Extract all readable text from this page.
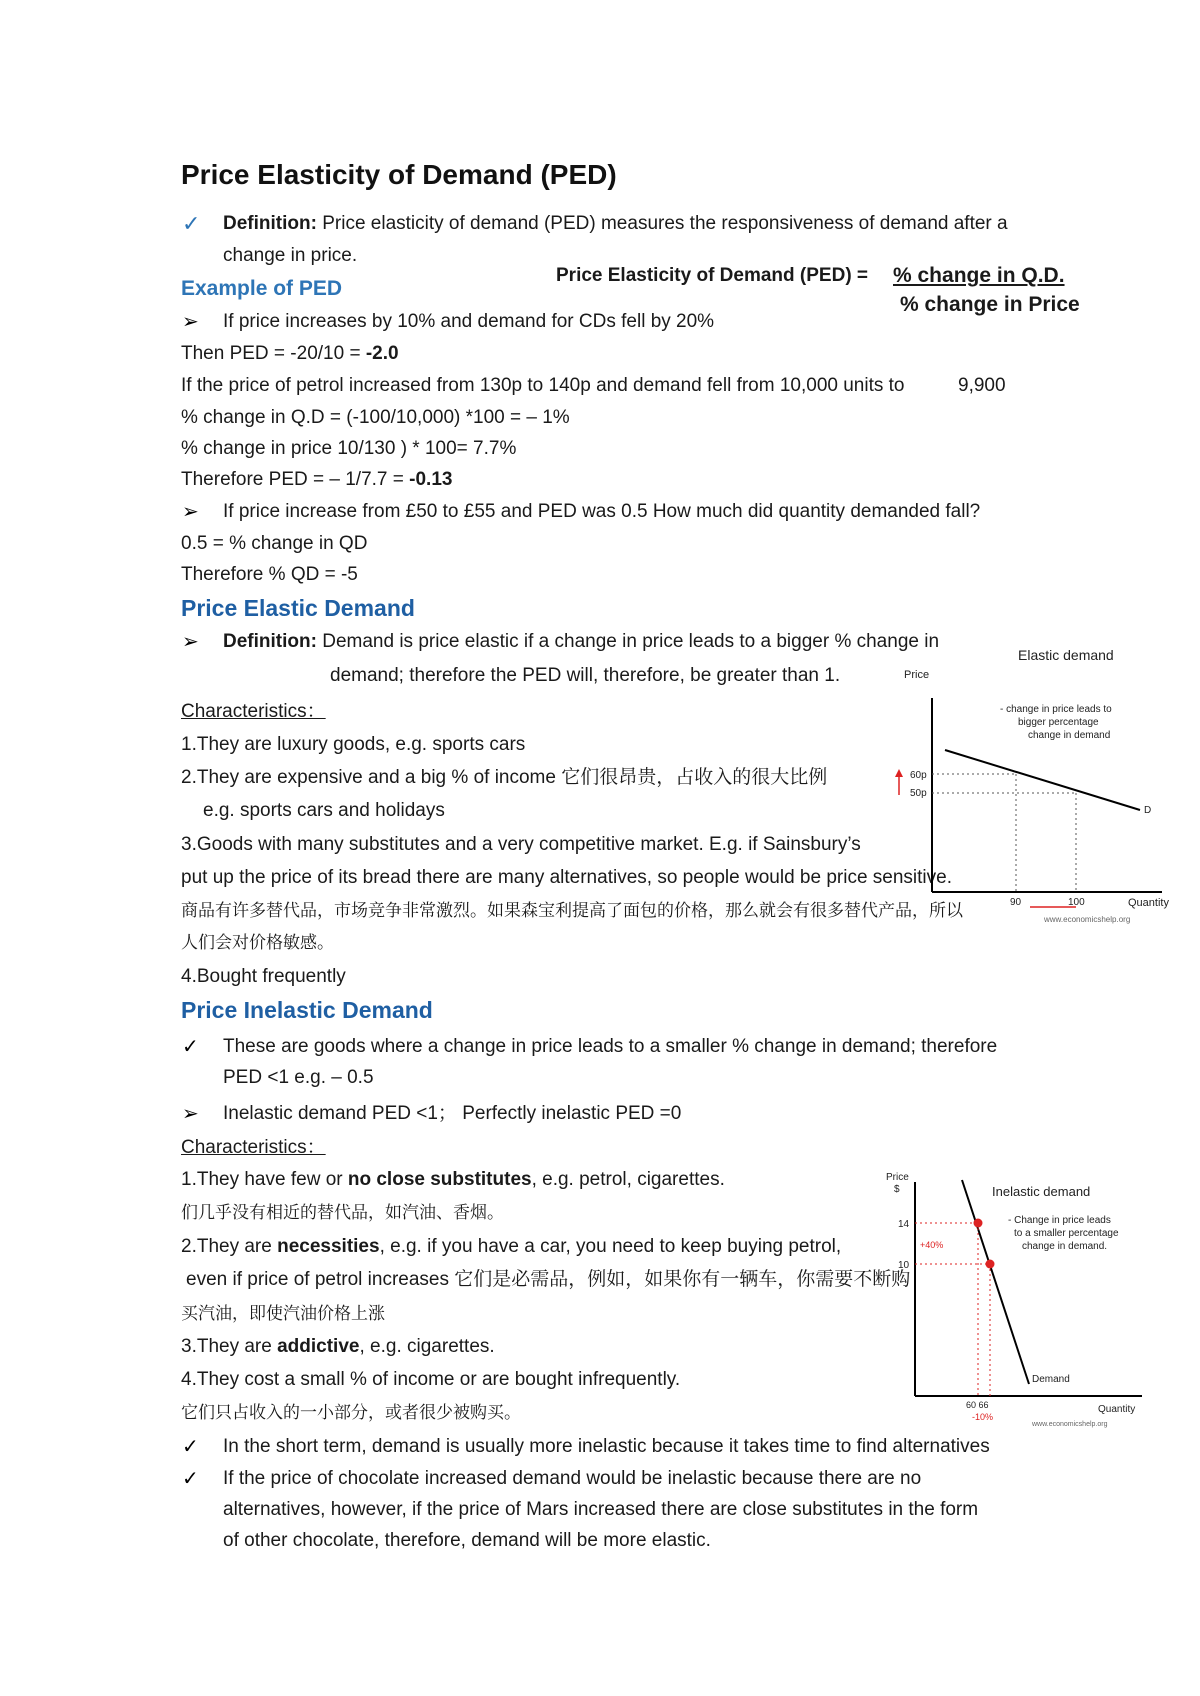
Price Elasticity of Demand (PED)
✓ Definition: Price elasticity of demand (PED) measures the responsiveness of demand after a
change in price.
Price Elasticity of Demand (PED) = % change in Q.D.
% change in Price
Example of PED
➢ If price increases by 10% and demand for CDs fell by 20%
Then PED = -20/10 = -2.0
If the price of petrol increased from 130p to 140p and demand fell from 10,000 units to	9,900
% change in Q.D = (-100/10,000) *100 = – 1%
% change in price 10/130 ) * 100= 7.7%
Therefore PED = – 1/7.7 = -0.13
➢ If price increase from £50 to £55 and PED was 0.5 How much did quantity demanded fall?
0.5 = % change in QD
Therefore % QD = -5
Price Elastic Demand
➢ Definition: Demand is price elastic if a change in price leads to a bigger % change in
demand; therefore the PED will, therefore, be greater than 1.
Characteristics：
1.They are luxury goods, e.g. sports cars
2.They are expensive and a big % of income 它们很昂贵，占收入的很大比例
e.g. sports cars and holidays
3.Goods with many substitutes and a very competitive market. E.g. if Sainsbury’s
put up the price of its bread there are many alternatives, so people would be price sensitive.
商品有许多替代品，市场竞争非常激烈。如果森宝利提高了面包的价格，那么就会有很多替代产品，所以
人们会对价格敏感。
4.Bought frequently
Elastic demand
Price
- change in price leads to
bigger percentage
change in demand
60p
50p
90	100
D
Quantity
www.economicshelp.org
Price Inelastic Demand
✓ These are goods where a change in price leads to a smaller % change in demand; therefore
PED <1 e.g. – 0.5
➢ Inelastic demand PED <1； Perfectly inelastic PED =0
Characteristics：
1.They have few or no close substitutes, e.g. petrol, cigarettes.
们几乎没有相近的替代品，如汽油、香烟。
2.They are necessities, e.g. if you have a car, you need to keep buying petrol,
even if price of petrol increases 它们是必需品，例如，如果你有一辆车，你需要不断购
买汽油，即使汽油价格上涨
3.They are addictive, e.g. cigarettes.
4.They cost a small % of income or are bought infrequently.
它们只占收入的一小部分，或者很少被购买。
✓ In the short term, demand is usually more inelastic because it takes time to find alternatives
✓ If the price of chocolate increased demand would be inelastic because there are no
alternatives, however, if the price of Mars increased there are close substitutes in the form
of other chocolate, therefore, demand will be more elastic.
Price
$	Inelastic demand
- Change in price leads
to a smaller percentage
change in demand.
14
10
+40%
60 66
-10%
Demand
Quantity
www.economicshelp.org
